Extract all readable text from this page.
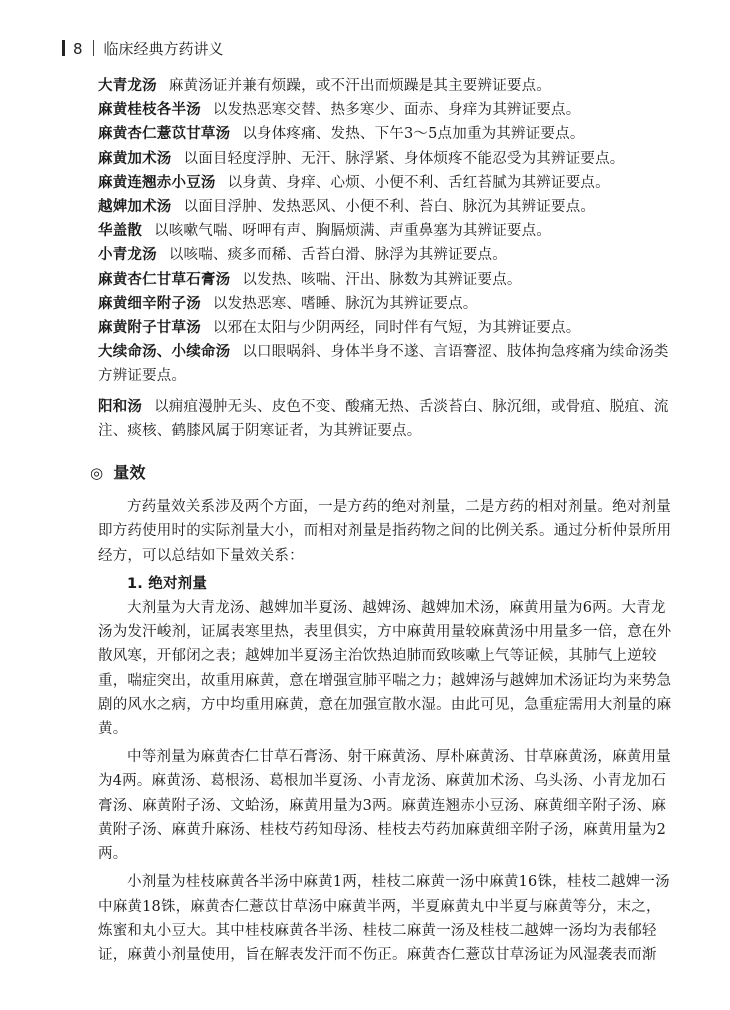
8 临床经典方药讲义
大青龙汤 麻黄汤证并兼有烦躁，或不汗出而烦躁是其主要辨证要点。
麻黄桂枝各半汤 以发热恶寒交替、热多寒少、面赤、身痒为其辨证要点。
麻黄杏仁薏苡甘草汤 以身体疼痛、发热、下午3～5点加重为其辨证要点。
麻黄加术汤 以面目轻度浮肿、无汗、脉浮紧、身体烦疼不能忍受为其辨证要点。
麻黄连翘赤小豆汤 以身黄、身痒、心烦、小便不利、舌红苔腻为其辨证要点。
越婢加术汤 以面目浮肿、发热恶风、小便不利、苔白、脉沉为其辨证要点。
华盖散 以咳嗽气喘、呀呷有声、胸膈烦满、声重鼻塞为其辨证要点。
小青龙汤 以咳喘、痰多而稀、舌苔白滑、脉浮为其辨证要点。
麻黄杏仁甘草石膏汤 以发热、咳喘、汗出、脉数为其辨证要点。
麻黄细辛附子汤 以发热恶寒、嗜睡、脉沉为其辨证要点。
麻黄附子甘草汤 以邪在太阳与少阴两经，同时伴有气短，为其辨证要点。
大续命汤、小续命汤 以口眼㖞斜、身体半身不遂、言语謇涩、肢体拘急疼痛为续命汤类方辨证要点。
阳和汤 以痈疽漫肿无头、皮色不变、酸痛无热、舌淡苔白、脉沉细，或骨疽、脱疽、流注、痰核、鹤膝风属于阴寒证者，为其辨证要点。
◎ 量效

方药量效关系涉及两个方面，一是方药的绝对剂量，二是方药的相对剂量。绝对剂量即方药使用时的实际剂量大小，而相对剂量是指药物之间的比例关系。通过分析仲景所用经方，可以总结如下量效关系：

1. 绝对剂量

大剂量为大青龙汤、越婢加半夏汤、越婢汤、越婢加术汤，麻黄用量为6两。大青龙汤为发汗峻剂，证属表寒里热，表里俱实，方中麻黄用量较麻黄汤中用量多一倍，意在外散风寒，开郁闭之表；越婢加半夏汤主治饮热迫肺而致咳嗽上气等证候，其肺气上逆较重，喘症突出，故重用麻黄，意在增强宣肺平喘之力；越婢汤与越婢加术汤证均为来势急剧的风水之病，方中均重用麻黄，意在加强宣散水湿。由此可见，急重症需用大剂量的麻黄。

中等剂量为麻黄杏仁甘草石膏汤、射干麻黄汤、厚朴麻黄汤、甘草麻黄汤，麻黄用量为4两。麻黄汤、葛根汤、葛根加半夏汤、小青龙汤、麻黄加术汤、乌头汤、小青龙加石膏汤、麻黄附子汤、文蛤汤，麻黄用量为3两。麻黄连翘赤小豆汤、麻黄细辛附子汤、麻黄附子汤、麻黄升麻汤、桂枝芍药知母汤、桂枝去芍药加麻黄细辛附子汤，麻黄用量为2两。

小剂量为桂枝麻黄各半汤中麻黄1两，桂枝二麻黄一汤中麻黄16铢，桂枝二越婢一汤中麻黄18铢，麻黄杏仁薏苡甘草汤中麻黄半两，半夏麻黄丸中半夏与麻黄等分，末之，炼蜜和丸小豆大。其中桂枝麻黄各半汤、桂枝二麻黄一汤及桂枝二越婢一汤均为表郁轻证，麻黄小剂量使用，旨在解表发汗而不伤正。麻黄杏仁薏苡甘草汤证为风湿袭表而渐
